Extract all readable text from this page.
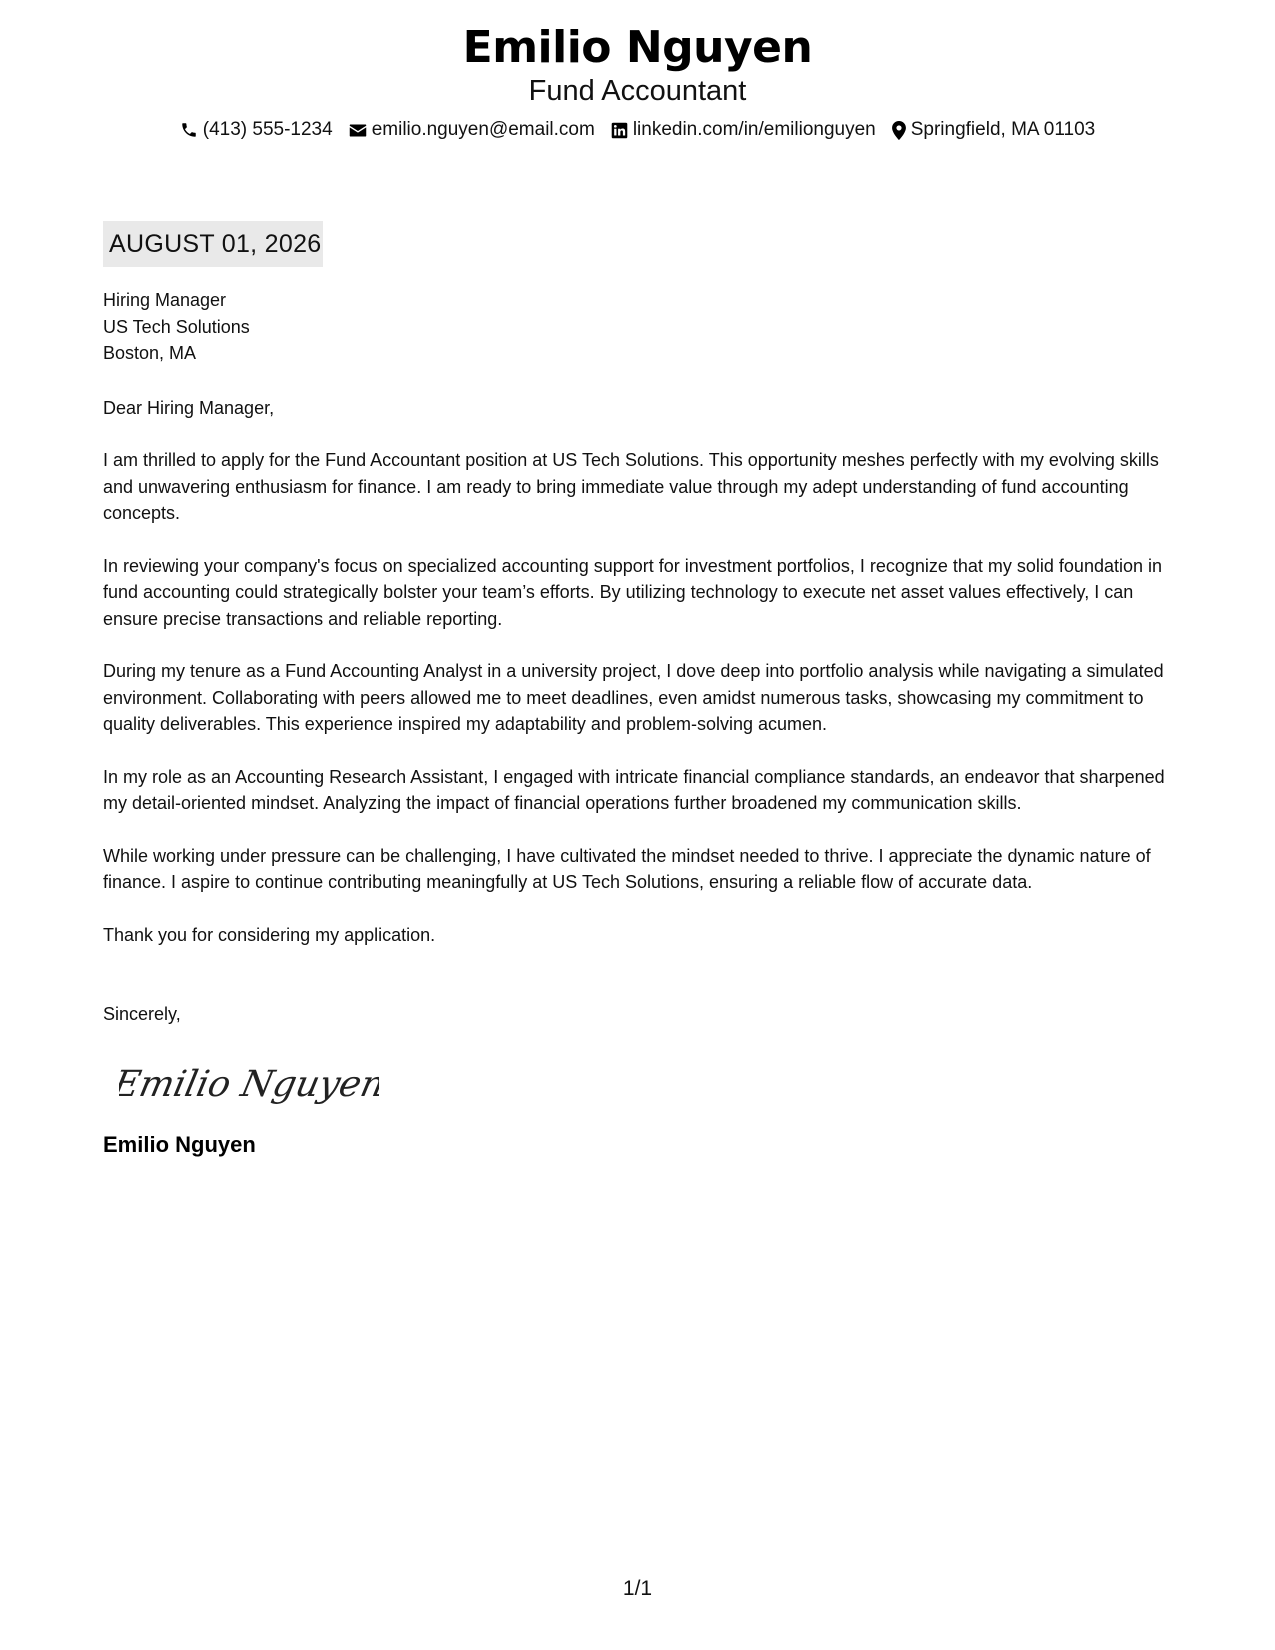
Emilio Nguyen
Fund Accountant
(413) 555-1234 emilio.nguyen@email.com linkedin.com/in/emilionguyen Springfield, MA 01103
AUGUST 01, 2026
Hiring Manager
US Tech Solutions
Boston, MA
Dear Hiring Manager,

I am thrilled to apply for the Fund Accountant position at US Tech Solutions. This opportunity meshes perfectly with my evolving skills and unwavering enthusiasm for finance. I am ready to bring immediate value through my adept understanding of fund accounting concepts.

In reviewing your company's focus on specialized accounting support for investment portfolios, I recognize that my solid foundation in fund accounting could strategically bolster your team’s efforts. By utilizing technology to execute net asset values effectively, I can ensure precise transactions and reliable reporting.

During my tenure as a Fund Accounting Analyst in a university project, I dove deep into portfolio analysis while navigating a simulated environment. Collaborating with peers allowed me to meet deadlines, even amidst numerous tasks, showcasing my commitment to quality deliverables. This experience inspired my adaptability and problem-solving acumen.

In my role as an Accounting Research Assistant, I engaged with intricate financial compliance standards, an endeavor that sharpened my detail-oriented mindset. Analyzing the impact of financial operations further broadened my communication skills.

While working under pressure can be challenging, I have cultivated the mindset needed to thrive. I appreciate the dynamic nature of finance. I aspire to continue contributing meaningfully at US Tech Solutions, ensuring a reliable flow of accurate data.

Thank you for considering my application.

Sincerely,
Emilio Nguyen
Emilio Nguyen
1/1
